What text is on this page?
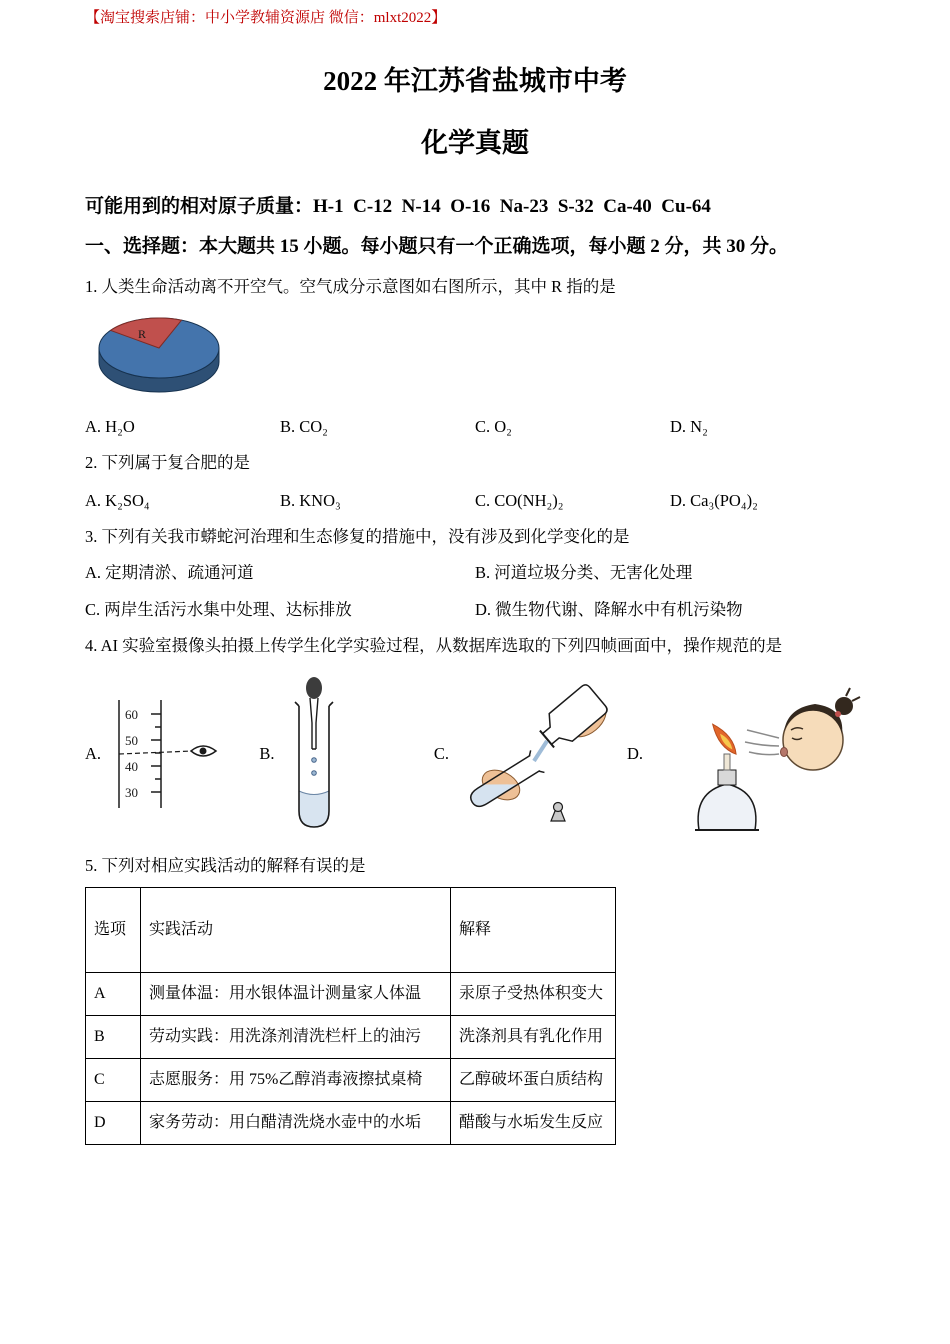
【淘宝搜索店铺：中小学教辅资源店 微信：mlxt2022】
2022 年江苏省盐城市中考
化学真题
可能用到的相对原子质量：H-1  C-12  N-14  O-16  Na-23  S-32  Ca-40  Cu-64
一、选择题：本大题共 15 小题。每小题只有一个正确选项，每小题 2 分，共 30 分。
1. 人类生命活动离不开空气。空气成分示意图如右图所示，其中 R 指的是
R
A. H₂O	B. CO₂	C. O₂	D. N₂
2. 下列属于复合肥的是
A. K₂SO₄	B. KNO₃	C. CO(NH₂)₂	D. Ca₃(PO₄)₂
3. 下列有关我市蟒蛇河治理和生态修复的措施中，没有涉及到化学变化的是
A. 定期清淤、疏通河道	B. 河道垃圾分类、无害化处理
C. 两岸生活污水集中处理、达标排放	D. 微生物代谢、降解水中有机污染物
4. AI 实验室摄像头拍摄上传学生化学实验过程，从数据库选取的下列四帧画面中，操作规范的是
A.
60
50
40
30
B.	C.	D.
5. 下列对相应实践活动的解释有误的是
选项	实践活动	解释
A	测量体温：用水银体温计测量家人体温	汞原子受热体积变大
B	劳动实践：用洗涤剂清洗栏杆上的油污	洗涤剂具有乳化作用
C	志愿服务：用 75%乙醇消毒液擦拭桌椅	乙醇破坏蛋白质结构
D	家务劳动：用白醋清洗烧水壶中的水垢	醋酸与水垢发生反应
